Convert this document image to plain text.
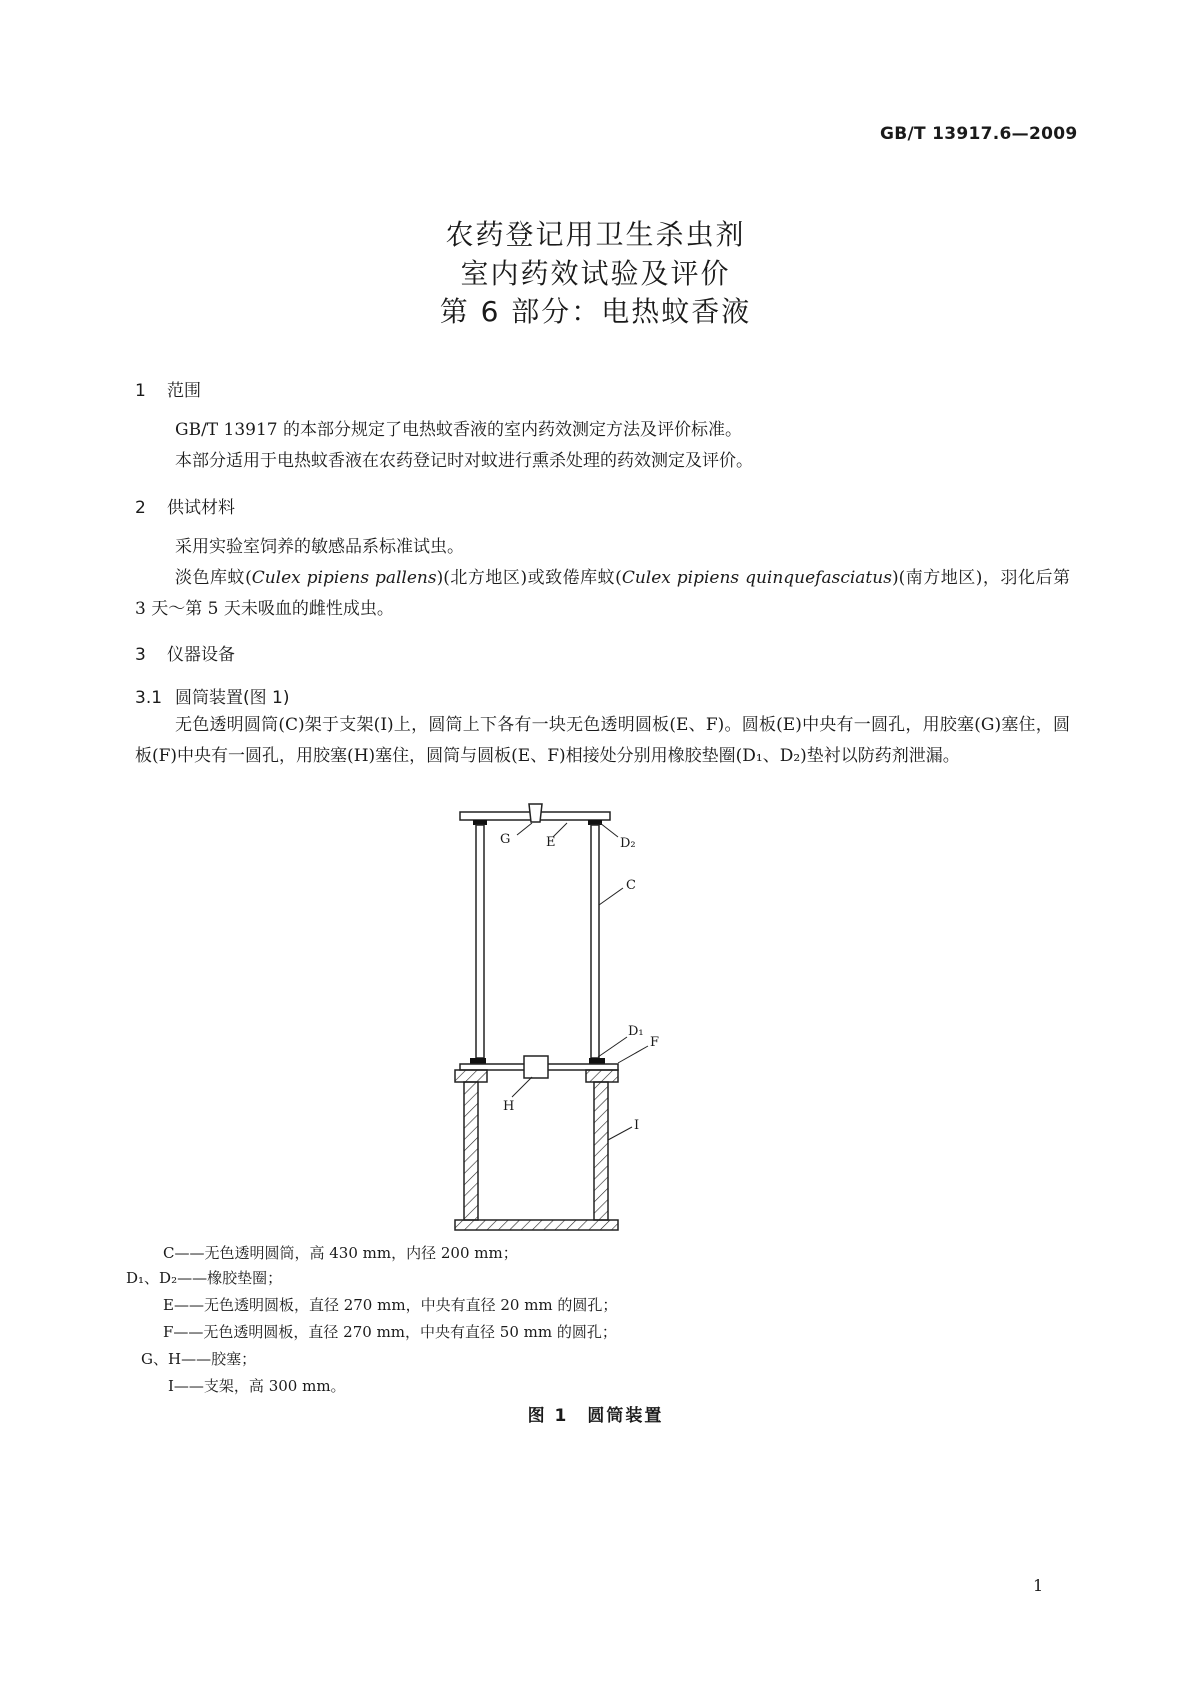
GB/T 13917.6—2009
农药登记用卫生杀虫剂
室内药效试验及评价
第 6 部分：电热蚊香液
1 范围
GB/T 13917 的本部分规定了电热蚊香液的室内药效测定方法及评价标准。
本部分适用于电热蚊香液在农药登记时对蚊进行熏杀处理的药效测定及评价。
2 供试材料
采用实验室饲养的敏感品系标准试虫。
淡色库蚊(Culex pipiens pallens)(北方地区)或致倦库蚊(Culex pipiens quinquefasciatus)(南方地区)，羽化后第 3 天～第 5 天未吸血的雌性成虫。
3 仪器设备
3.1 圆筒装置(图 1)
无色透明圆筒(C)架于支架(I)上，圆筒上下各有一块无色透明圆板(E、F)。圆板(E)中央有一圆孔，用胶塞(G)塞住，圆板(F)中央有一圆孔，用胶塞(H)塞住，圆筒与圆板(E、F)相接处分别用橡胶垫圈(D₁、D₂)垫衬以防药剂泄漏。
G	E	D₂
C
D₁
F
H
I
C——无色透明圆筒，高 430 mm，内径 200 mm；
D₁、D₂——橡胶垫圈；
E——无色透明圆板，直径 270 mm，中央有直径 20 mm 的圆孔；
F——无色透明圆板，直径 270 mm，中央有直径 50 mm 的圆孔；
G、H——胶塞；
I——支架，高 300 mm。
图 1　圆筒装置
1
